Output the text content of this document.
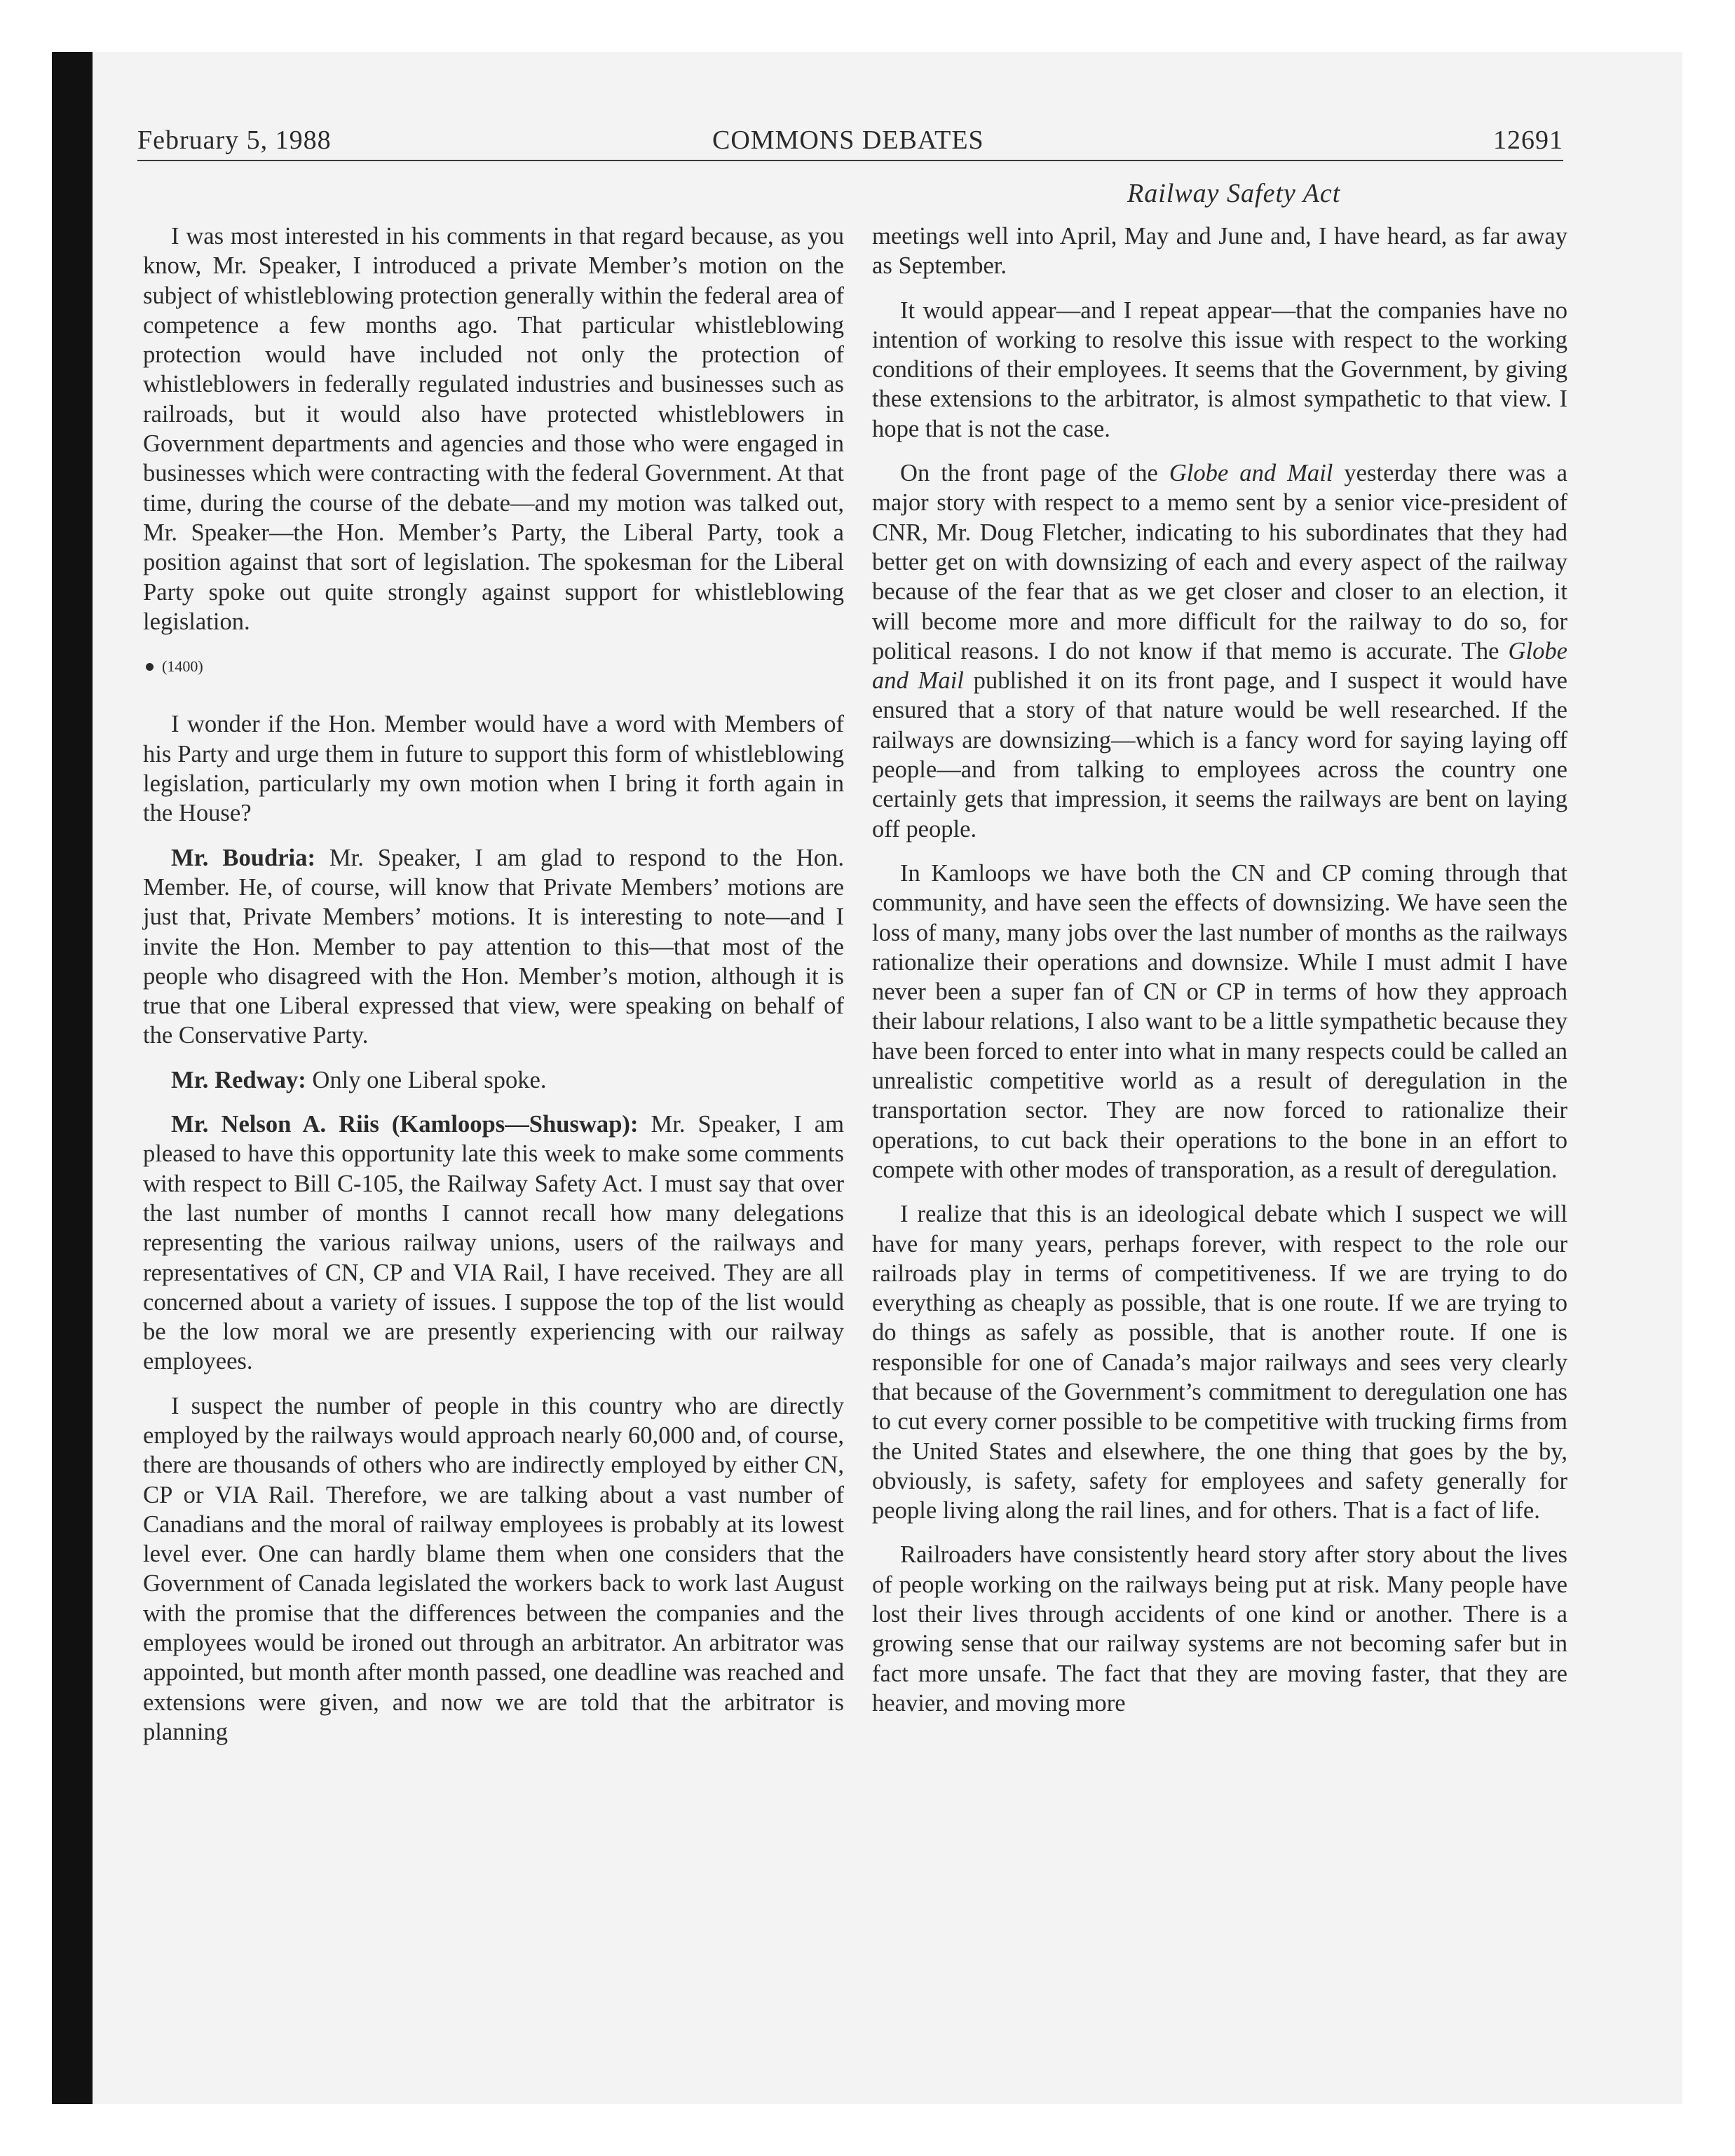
February 5, 1988	COMMONS DEBATES	12691
Railway Safety Act

I was most interested in his comments in that regard because, as you know, Mr. Speaker, I introduced a private Member’s motion on the subject of whistleblowing protection generally within the federal area of competence a few months ago. That particular whistleblowing protection would have included not only the protection of whistleblowers in federally regulated industries and businesses such as railroads, but it would also have protected whistleblowers in Government departments and agencies and those who were engaged in businesses which were contracting with the federal Government. At that time, during the course of the debate—and my motion was talked out, Mr. Speaker—the Hon. Member’s Party, the Liberal Party, took a position against that sort of legislation. The spokesman for the Liberal Party spoke out quite strongly against support for whistleblowing legislation.

(1400)

I wonder if the Hon. Member would have a word with Members of his Party and urge them in future to support this form of whistleblowing legislation, particularly my own motion when I bring it forth again in the House?

Mr. Boudria: Mr. Speaker, I am glad to respond to the Hon. Member. He, of course, will know that Private Members’ motions are just that, Private Members’ motions. It is interesting to note—and I invite the Hon. Member to pay attention to this—that most of the people who disagreed with the Hon. Member’s motion, although it is true that one Liberal expressed that view, were speaking on behalf of the Conservative Party.

Mr. Redway: Only one Liberal spoke.

Mr. Nelson A. Riis (Kamloops—Shuswap): Mr. Speaker, I am pleased to have this opportunity late this week to make some comments with respect to Bill C-105, the Railway Safety Act. I must say that over the last number of months I cannot recall how many delegations representing the various railway unions, users of the railways and representatives of CN, CP and VIA Rail, I have received. They are all concerned about a variety of issues. I suppose the top of the list would be the low moral we are presently experiencing with our railway employees.

I suspect the number of people in this country who are directly employed by the railways would approach nearly 60,000 and, of course, there are thousands of others who are indirectly employed by either CN, CP or VIA Rail. Therefore, we are talking about a vast number of Canadians and the moral of railway employees is probably at its lowest level ever. One can hardly blame them when one considers that the Government of Canada legislated the workers back to work last August with the promise that the differences between the companies and the employees would be ironed out through an arbitrator. An arbitrator was appointed, but month after month passed, one deadline was reached and extensions were given, and now we are told that the arbitrator is planning

meetings well into April, May and June and, I have heard, as far away as September.

It would appear—and I repeat appear—that the companies have no intention of working to resolve this issue with respect to the working conditions of their employees. It seems that the Government, by giving these extensions to the arbitrator, is almost sympathetic to that view. I hope that is not the case.

On the front page of the Globe and Mail yesterday there was a major story with respect to a memo sent by a senior vice-president of CNR, Mr. Doug Fletcher, indicating to his subordinates that they had better get on with downsizing of each and every aspect of the railway because of the fear that as we get closer and closer to an election, it will become more and more difficult for the railway to do so, for political reasons. I do not know if that memo is accurate. The Globe and Mail published it on its front page, and I suspect it would have ensured that a story of that nature would be well researched. If the railways are downsizing—which is a fancy word for saying laying off people—and from talking to employees across the country one certainly gets that impression, it seems the railways are bent on laying off people.

In Kamloops we have both the CN and CP coming through that community, and have seen the effects of downsizing. We have seen the loss of many, many jobs over the last number of months as the railways rationalize their operations and downsize. While I must admit I have never been a super fan of CN or CP in terms of how they approach their labour relations, I also want to be a little sympathetic because they have been forced to enter into what in many respects could be called an unrealistic competitive world as a result of deregulation in the transportation sector. They are now forced to rationalize their operations, to cut back their operations to the bone in an effort to compete with other modes of transporation, as a result of deregulation.

I realize that this is an ideological debate which I suspect we will have for many years, perhaps forever, with respect to the role our railroads play in terms of competitiveness. If we are trying to do everything as cheaply as possible, that is one route. If we are trying to do things as safely as possible, that is another route. If one is responsible for one of Canada’s major railways and sees very clearly that because of the Government’s commitment to deregulation one has to cut every corner possible to be competitive with trucking firms from the United States and elsewhere, the one thing that goes by the by, obviously, is safety, safety for employees and safety generally for people living along the rail lines, and for others. That is a fact of life.

Railroaders have consistently heard story after story about the lives of people working on the railways being put at risk. Many people have lost their lives through accidents of one kind or another. There is a growing sense that our railway systems are not becoming safer but in fact more unsafe. The fact that they are moving faster, that they are heavier, and moving more
